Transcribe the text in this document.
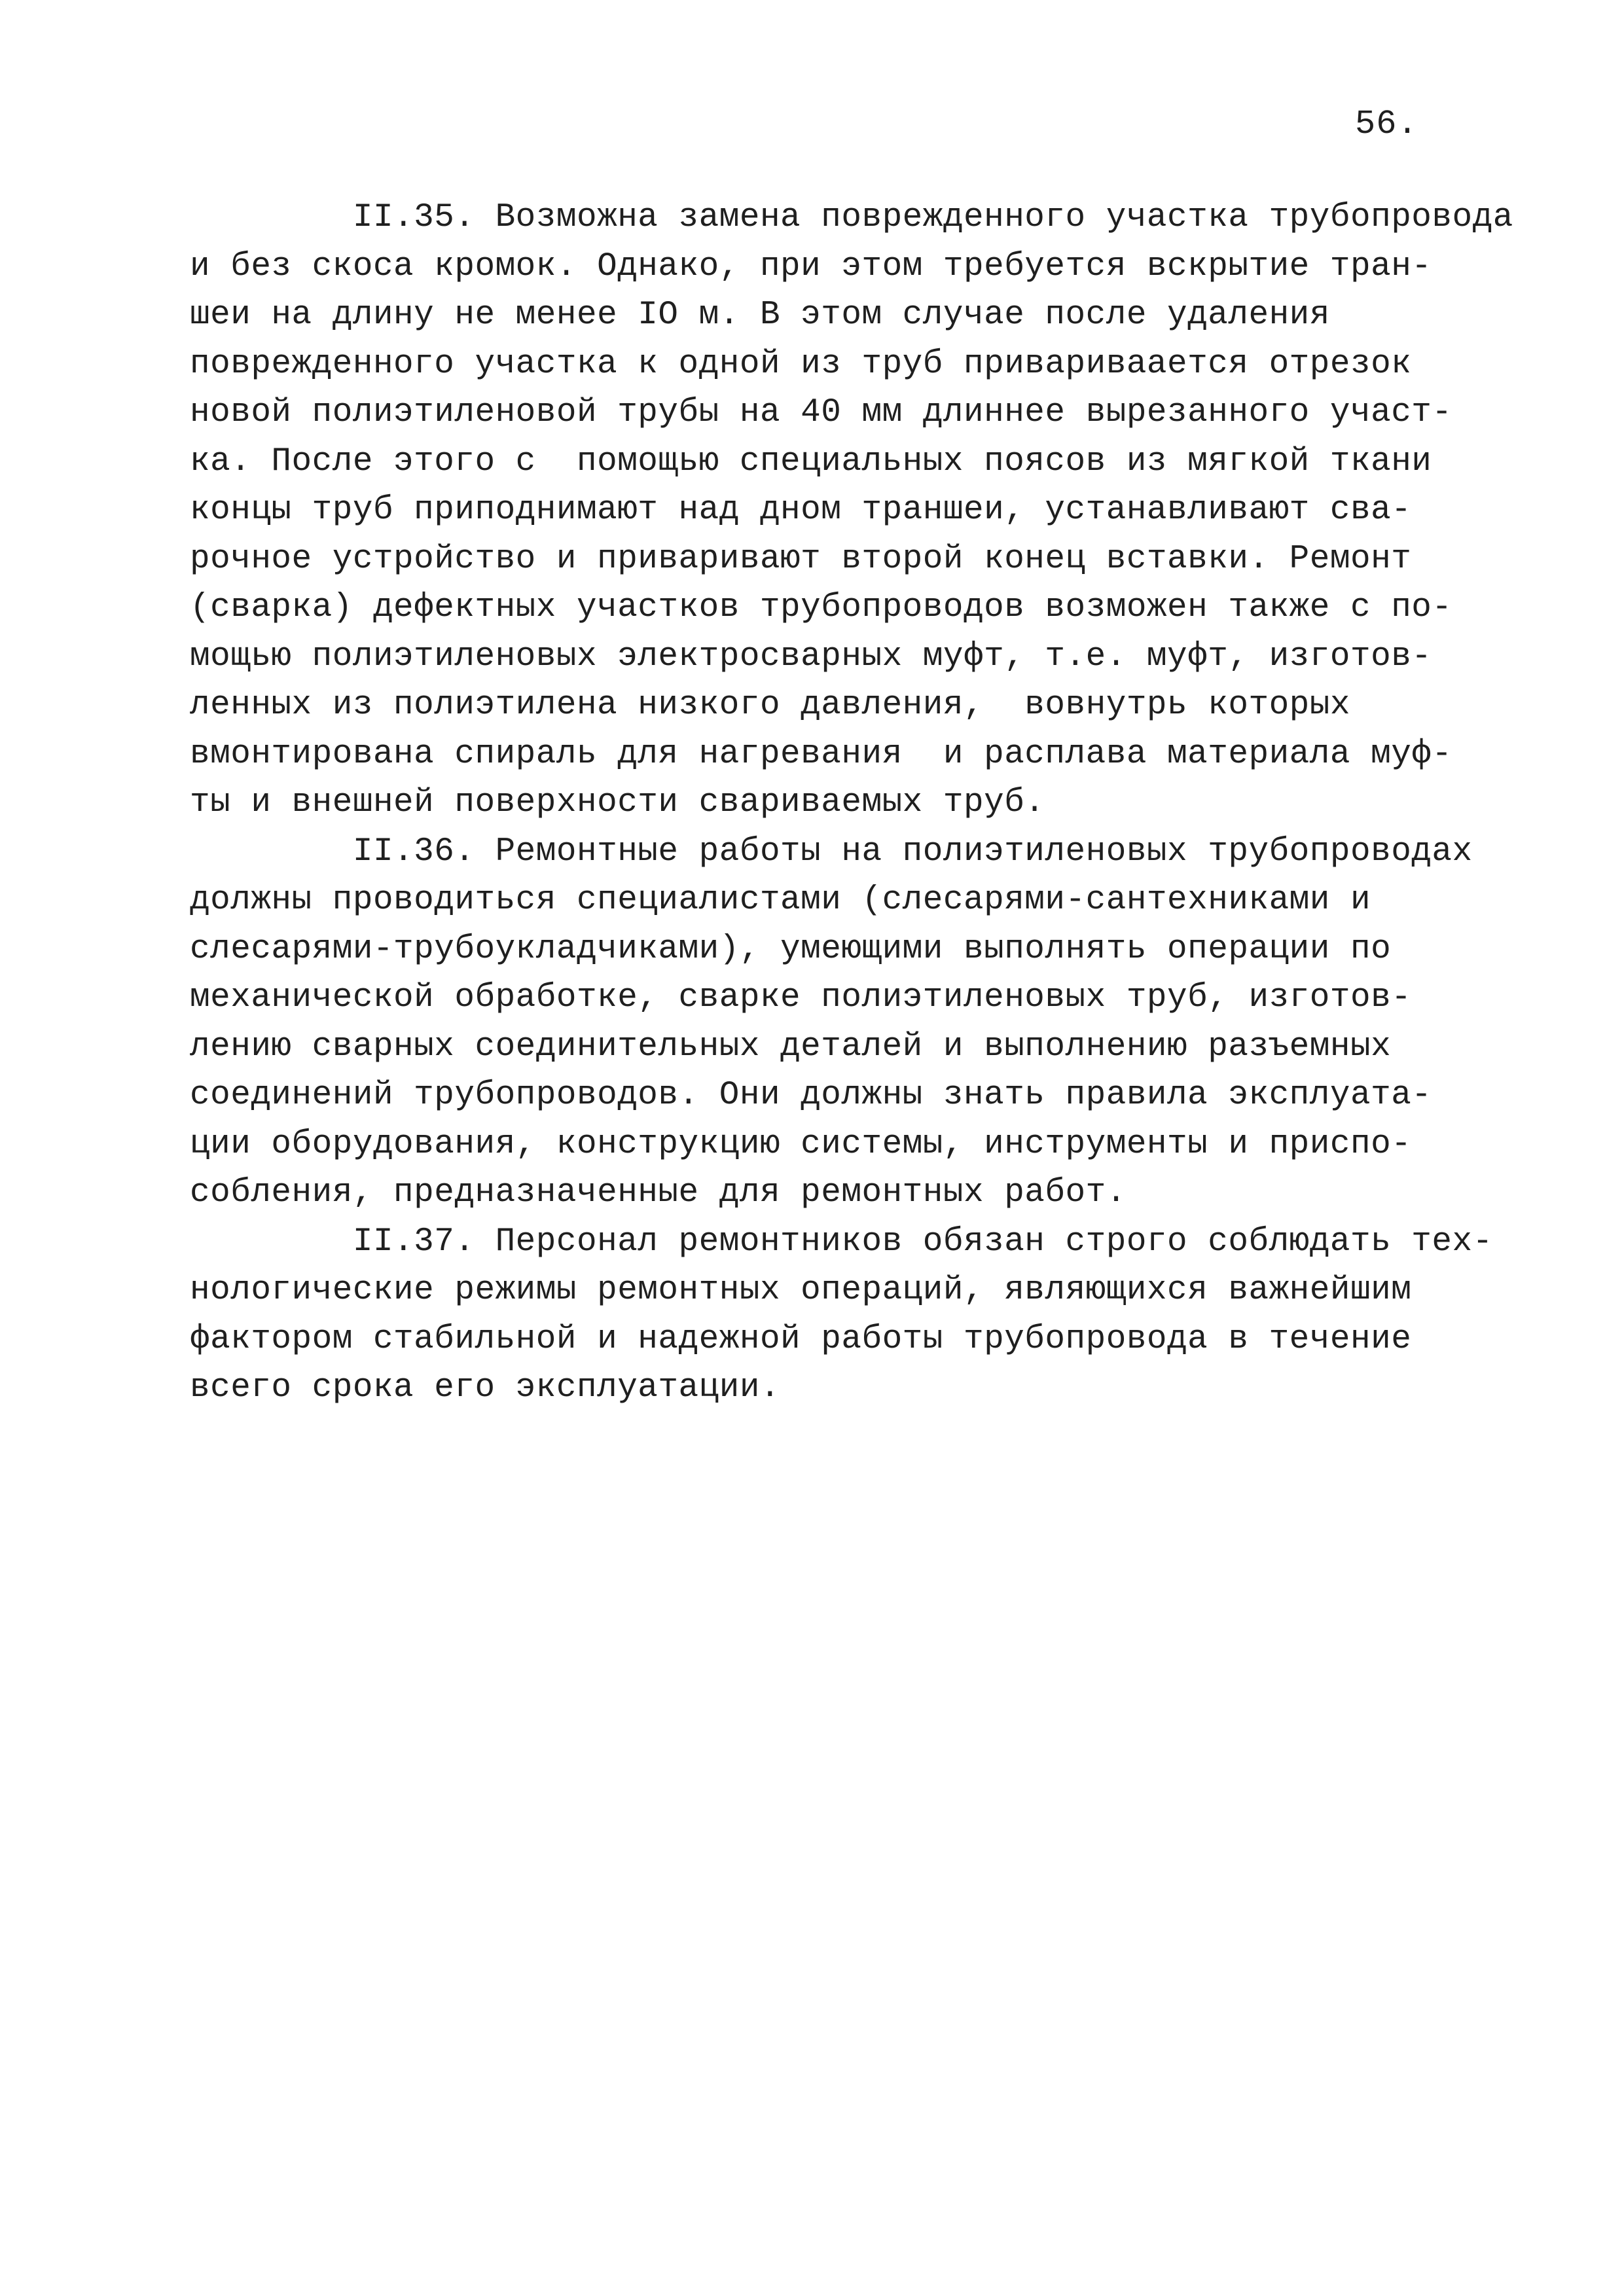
56.
II.35. Возможна замена поврежденного участка трубопровода
и без скоса кромок. Однако, при этом требуется вскрытие тран-
шеи на длину не менее IO м. В этом случае после удаления
поврежденного участка к одной из труб привариваается отрезок
новой полиэтиленовой трубы на 40 мм длиннее вырезанного участ-
ка. После этого с  помощью специальных поясов из мягкой ткани
концы труб приподнимают над дном траншеи, устанавливают сва-
рочное устройство и приваривают второй конец вставки. Ремонт
(сварка) дефектных участков трубопроводов возможен также с по-
мощью полиэтиленовых электросварных муфт, т.е. муфт, изготов-
ленных из полиэтилена низкого давления,  вовнутрь которых
вмонтирована спираль для нагревания  и расплава материала муф-
ты и внешней поверхности свариваемых труб.
II.36. Ремонтные работы на полиэтиленовых трубопроводах
должны проводиться специалистами (слесарями-сантехниками и
слесарями-трубоукладчиками), умеющими выполнять операции по
механической обработке, сварке полиэтиленовых труб, изготов-
лению сварных соединительных деталей и выполнению разъемных
соединений трубопроводов. Они должны знать правила эксплуата-
ции оборудования, конструкцию системы, инструменты и приспо-
собления, предназначенные для ремонтных работ.
II.37. Персонал ремонтников обязан строго соблюдать тех-
нологические режимы ремонтных операций, являющихся важнейшим
фактором стабильной и надежной работы трубопровода в течение
всего срока его эксплуатации.
